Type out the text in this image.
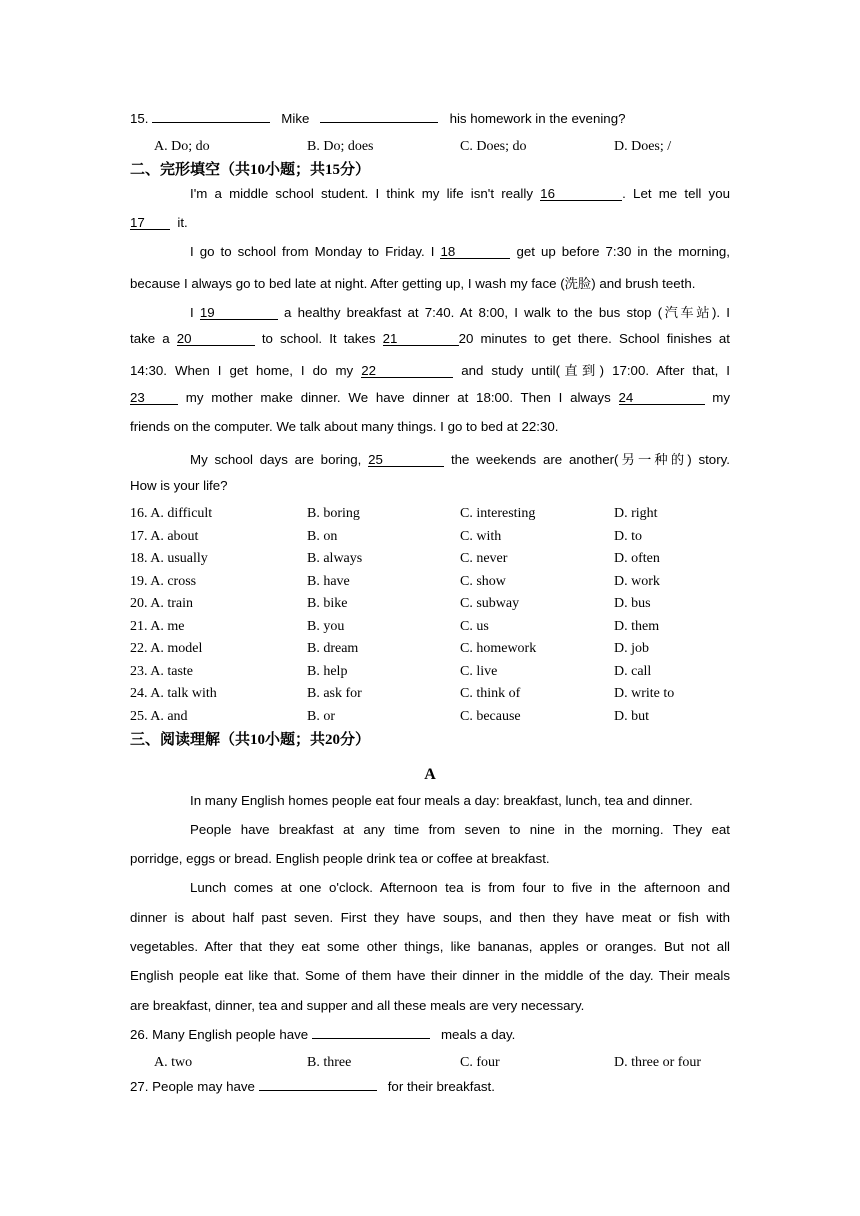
15.	Mike	his homework in the evening?
A. Do; do	B. Do; does	C. Does; do	D. Does; /
二、完形填空（共10小题；共15分）
I'm a middle school student. I think my life isn't really 16	. Let me tell you
17 it.
I go to school from Monday to Friday. I 18	get up before 7:30 in the morning,
because I always go to bed late at night. After getting up, I wash my face (洗脸) and brush teeth.
I 19	a healthy breakfast at 7:40. At 8:00, I walk to the bus stop (汽车站). I
take a 20	to school. It takes 21	20 minutes to get there. School finishes at
14:30. When I get home, I do my 22	and study until(直到) 17:00. After that, I
23	my mother make dinner. We have dinner at 18:00. Then I always 24	my
friends on the computer. We talk about many things. I go to bed at 22:30.
My school days are boring, 25	the weekends are another(另一种的) story.
How is your life?
16. A. difficult	B. boring	C. interesting	D. right
17. A. about	B. on	C. with	D. to
18. A. usually	B. always	C. never	D. often
19. A. cross	B. have	C. show	D. work
20. A. train	B. bike	C. subway	D. bus
21. A. me	B. you	C. us	D. them
22. A. model	B. dream	C. homework	D. job
23. A. taste	B. help	C. live	D. call
24. A. talk with	B. ask for	C. think of	D. write to
25. A. and	B. or	C. because	D. but
三、阅读理解（共10小题；共20分）
A
In many English homes people eat four meals a day: breakfast, lunch, tea and dinner.
People have breakfast at any time from seven to nine in the morning. They eat
porridge, eggs or bread. English people drink tea or coffee at breakfast.
Lunch comes at one o'clock. Afternoon tea is from four to five in the afternoon and
dinner is about half past seven. First they have soups, and then they have meat or fish with
vegetables. After that they eat some other things, like bananas, apples or oranges. But not all
English people eat like that. Some of them have their dinner in the middle of the day. Their meals
are breakfast, dinner, tea and supper and all these meals are very necessary.
26. Many English people have	meals a day.
A. two	B. three	C. four	D. three or four
27. People may have	for their breakfast.
